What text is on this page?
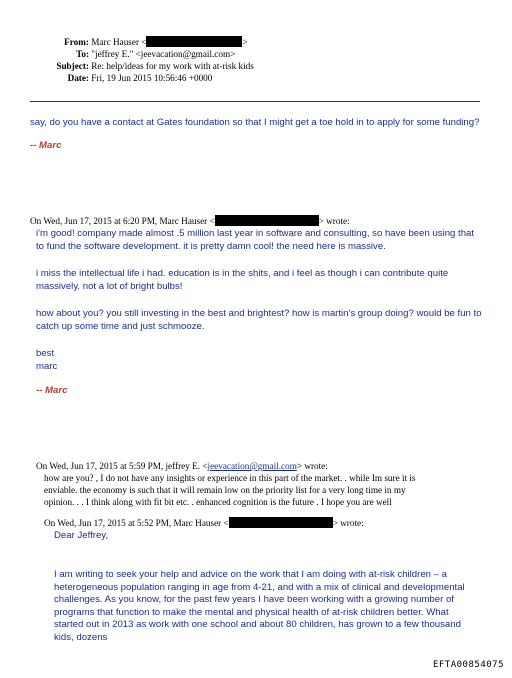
From: Marc Hauser <	>
To: "jeffrey E." <jeevacation@gmail.com>
Subject: Re: help/ideas for my work with at-risk kids
Date: Fri, 19 Jun 2015 10:56:46 +0000
say, do you have a contact at Gates foundation so that I might get a toe hold in to apply for some funding?
-- Marc
On Wed, Jun 17, 2015 at 6:20 PM, Marc Hauser <	> wrote:
i'm good! company made almost .5 million last year in software and consulting, so have been using that to fund the software development. it is pretty damn cool! the need here is massive.
i miss the intellectual life i had. education is in the shits, and i feel as though i can contribute quite massively. not a lot of bright bulbs!
how about you? you still investing in the best and brightest? how is martin's group doing? would be fun to catch up some time and just schmooze.
best
marc
-- Marc
On Wed, Jun 17, 2015 at 5:59 PM, jeffrey E. <jeevacation@gmail.com> wrote:
how are you? , I do not have any insights or experience in this part of the market. . while Im sure it is
enviable. the economy is such that it will remain low on the priority list for a very long time in my
opinion. . . I think along with fit bit etc. . enhanced cognition is the future . I hope you are well
On Wed, Jun 17, 2015 at 5:52 PM, Marc Hauser <	> wrote:
Dear Jeffrey,
I am writing to seek your help and advice on the work that I am doing with at-risk children – a heterogeneous population ranging in age from 4-21, and with a mix of clinical and developmental challenges. As you know, for the past few years I have been working with a growing number of programs that function to make the mental and physical health of at-risk children better. What started out in 2013 as work with one school and about 80 children, has grown to a few thousand kids, dozens
EFTA00854075
